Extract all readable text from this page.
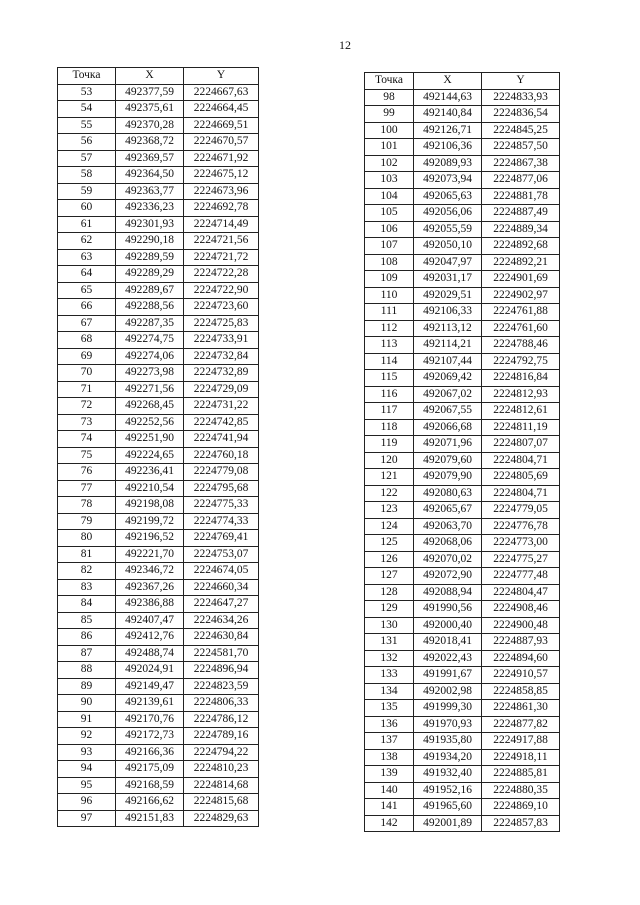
12
Точка	X	Y
53	492377,59	2224667,63
54	492375,61	2224664,45
55	492370,28	2224669,51
56	492368,72	2224670,57
57	492369,57	2224671,92
58	492364,50	2224675,12
59	492363,77	2224673,96
60	492336,23	2224692,78
61	492301,93	2224714,49
62	492290,18	2224721,56
63	492289,59	2224721,72
64	492289,29	2224722,28
65	492289,67	2224722,90
66	492288,56	2224723,60
67	492287,35	2224725,83
68	492274,75	2224733,91
69	492274,06	2224732,84
70	492273,98	2224732,89
71	492271,56	2224729,09
72	492268,45	2224731,22
73	492252,56	2224742,85
74	492251,90	2224741,94
75	492224,65	2224760,18
76	492236,41	2224779,08
77	492210,54	2224795,68
78	492198,08	2224775,33
79	492199,72	2224774,33
80	492196,52	2224769,41
81	492221,70	2224753,07
82	492346,72	2224674,05
83	492367,26	2224660,34
84	492386,88	2224647,27
85	492407,47	2224634,26
86	492412,76	2224630,84
87	492488,74	2224581,70
88	492024,91	2224896,94
89	492149,47	2224823,59
90	492139,61	2224806,33
91	492170,76	2224786,12
92	492172,73	2224789,16
93	492166,36	2224794,22
94	492175,09	2224810,23
95	492168,59	2224814,68
96	492166,62	2224815,68
97	492151,83	2224829,63
Точка	X	Y
98	492144,63	2224833,93
99	492140,84	2224836,54
100	492126,71	2224845,25
101	492106,36	2224857,50
102	492089,93	2224867,38
103	492073,94	2224877,06
104	492065,63	2224881,78
105	492056,06	2224887,49
106	492055,59	2224889,34
107	492050,10	2224892,68
108	492047,97	2224892,21
109	492031,17	2224901,69
110	492029,51	2224902,97
111	492106,33	2224761,88
112	492113,12	2224761,60
113	492114,21	2224788,46
114	492107,44	2224792,75
115	492069,42	2224816,84
116	492067,02	2224812,93
117	492067,55	2224812,61
118	492066,68	2224811,19
119	492071,96	2224807,07
120	492079,60	2224804,71
121	492079,90	2224805,69
122	492080,63	2224804,71
123	492065,67	2224779,05
124	492063,70	2224776,78
125	492068,06	2224773,00
126	492070,02	2224775,27
127	492072,90	2224777,48
128	492088,94	2224804,47
129	491990,56	2224908,46
130	492000,40	2224900,48
131	492018,41	2224887,93
132	492022,43	2224894,60
133	491991,67	2224910,57
134	492002,98	2224858,85
135	491999,30	2224861,30
136	491970,93	2224877,82
137	491935,80	2224917,88
138	491934,20	2224918,11
139	491932,40	2224885,81
140	491952,16	2224880,35
141	491965,60	2224869,10
142	492001,89	2224857,83
